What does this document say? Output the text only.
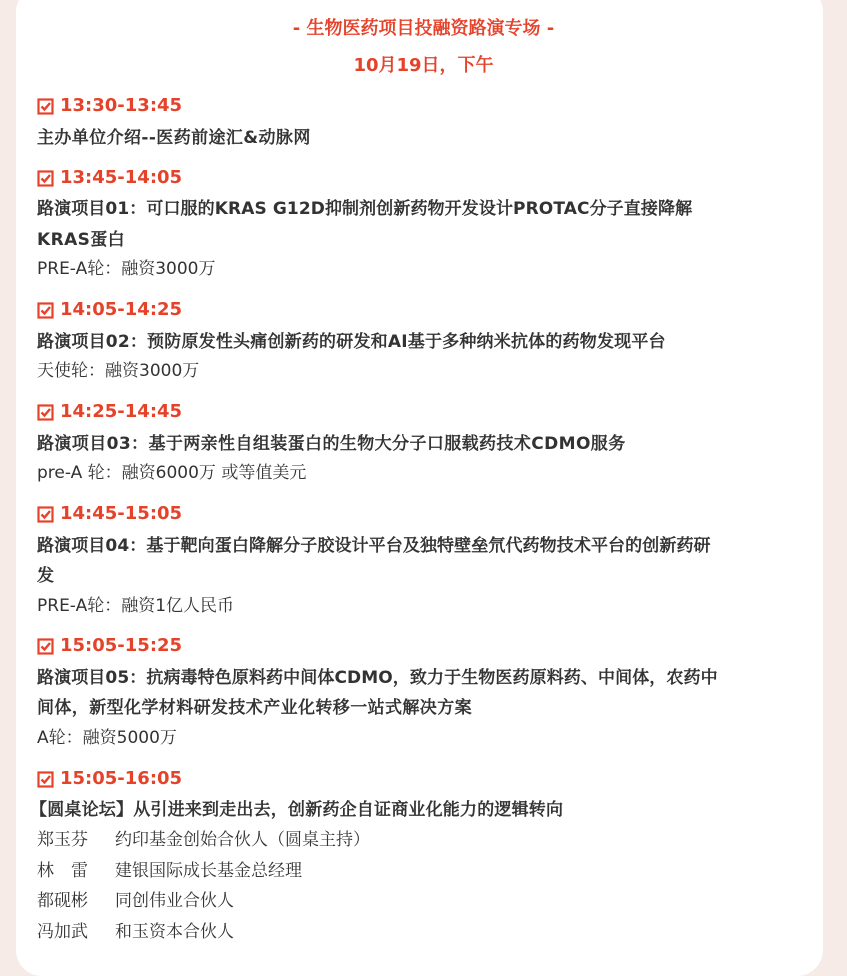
- 生物医药项目投融资路演专场 -
10月19日，下午
13:30-13:45
主办单位介绍--医药前途汇&动脉网
13:45-14:05
路演项目01：可口服的KRAS G12D抑制剂创新药物开发设计PROTAC分子直接降解
KRAS蛋白
PRE-A轮：融资3000万
14:05-14:25
路演项目02：预防原发性头痛创新药的研发和AI基于多种纳米抗体的药物发现平台
天使轮：融资3000万
14:25-14:45
路演项目03：基于两亲性自组装蛋白的生物大分子口服载药技术CDMO服务
pre-A 轮：融资6000万 或等值美元
14:45-15:05
路演项目04：基于靶向蛋白降解分子胶设计平台及独特壁垒氘代药物技术平台的创新药研
发
PRE-A轮：融资1亿人民币
15:05-15:25
路演项目05：抗病毒特色原料药中间体CDMO，致力于生物医药原料药、中间体，农药中
间体，新型化学材料研发技术产业化转移一站式解决方案
A轮：融资5000万
15:05-16:05
【圆桌论坛】从引进来到走出去，创新药企自证商业化能力的逻辑转向
郑玉芬 约印基金创始合伙人（圆桌主持）
林　雷 建银国际成长基金总经理
都砚彬 同创伟业合伙人
冯加武 和玉资本合伙人
